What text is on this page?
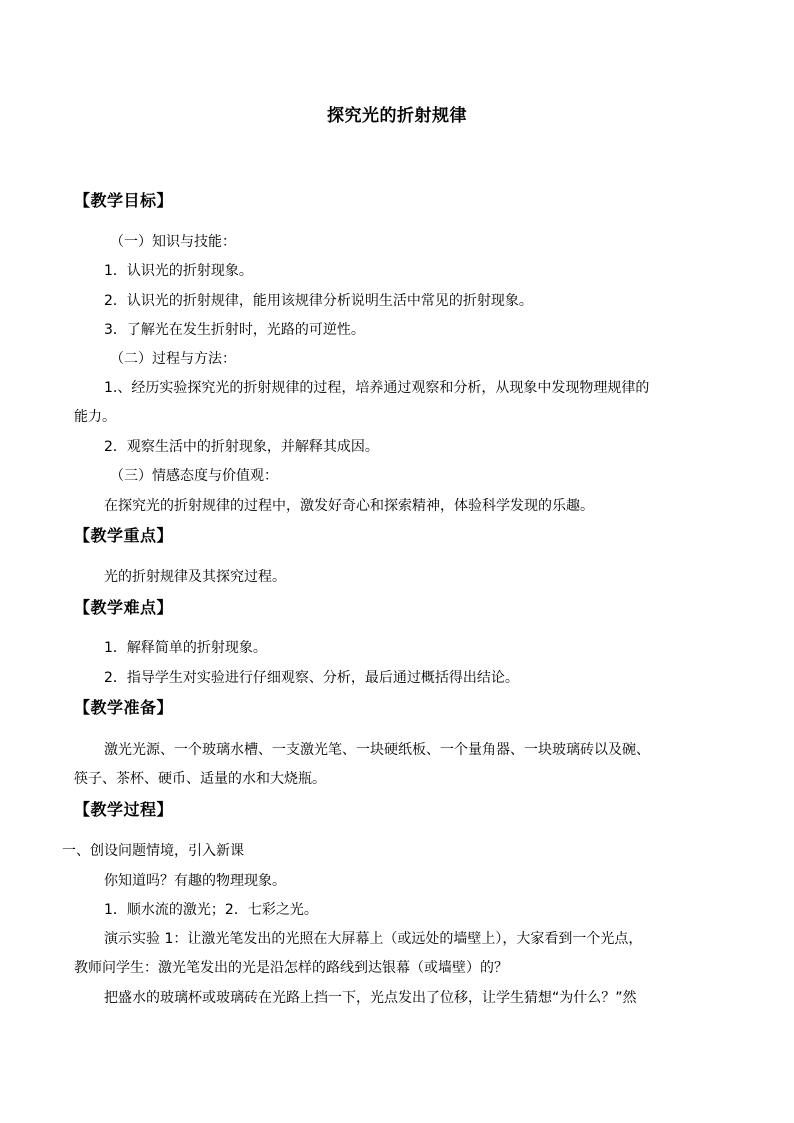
探究光的折射规律
【教学目标】
（一）知识与技能：
1．认识光的折射现象。
2．认识光的折射规律，能用该规律分析说明生活中常见的折射现象。
3．了解光在发生折射时，光路的可逆性。
（二）过程与方法：
1.、经历实验探究光的折射规律的过程，培养通过观察和分析，从现象中发现物理规律的
能力。
2．观察生活中的折射现象，并解释其成因。
（三）情感态度与价值观：
在探究光的折射规律的过程中，激发好奇心和探索精神，体验科学发现的乐趣。
【教学重点】
光的折射规律及其探究过程。
【教学难点】
1．解释简单的折射现象。
2．指导学生对实验进行仔细观察、分析，最后通过概括得出结论。
【教学准备】
激光光源、一个玻璃水槽、一支激光笔、一块硬纸板、一个量角器、一块玻璃砖以及碗、
筷子、茶杯、硬币、适量的水和大烧瓶。
【教学过程】
一、创设问题情境，引入新课
你知道吗？有趣的物理现象。
1．顺水流的激光；2．七彩之光。
演示实验 1：让激光笔发出的光照在大屏幕上（或远处的墙壁上），大家看到一个光点，
教师问学生：激光笔发出的光是沿怎样的路线到达银幕（或墙壁）的？
把盛水的玻璃杯或玻璃砖在光路上挡一下，光点发出了位移，让学生猜想“为什么？”然
